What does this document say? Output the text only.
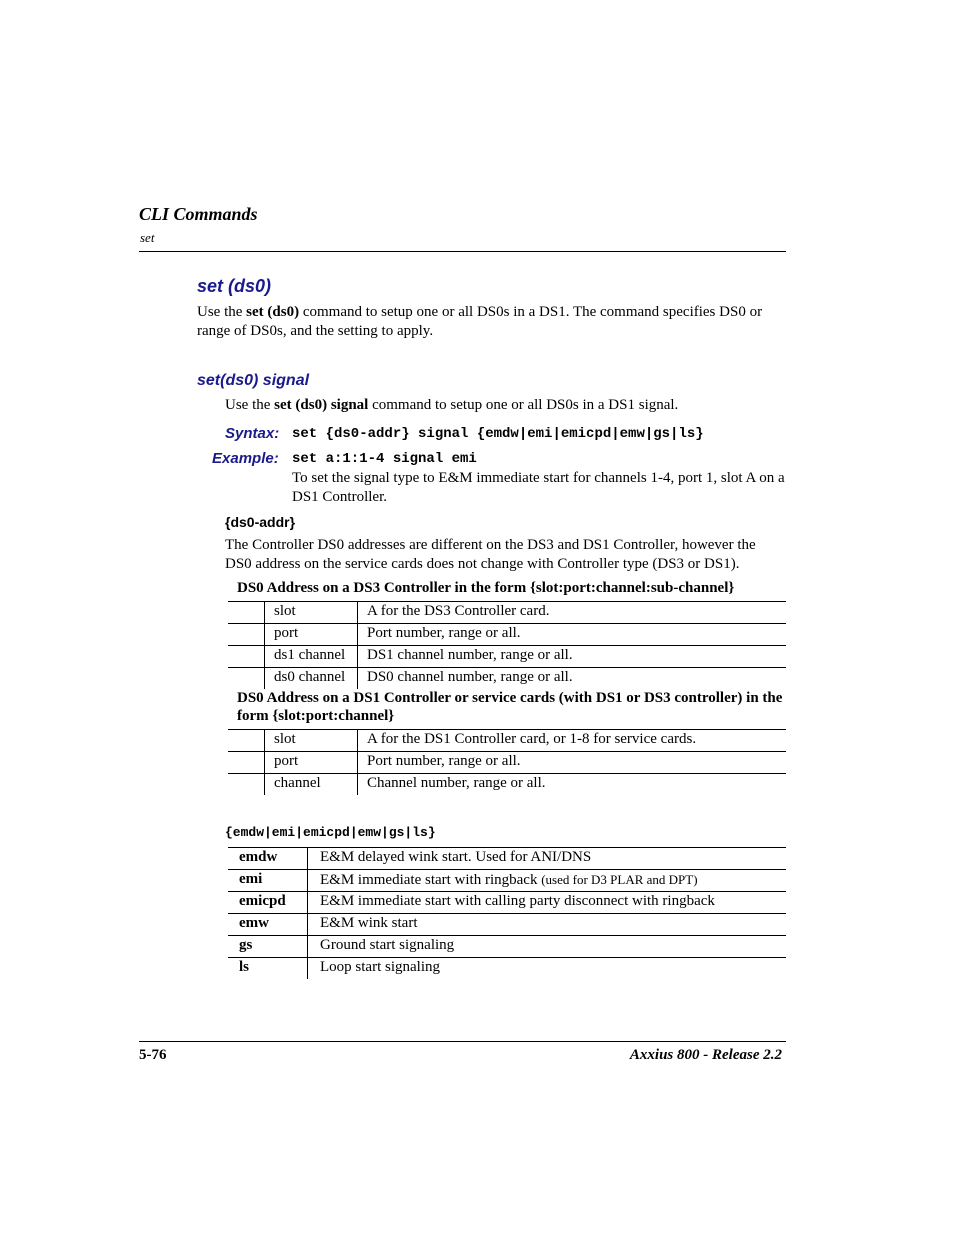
CLI Commands
set
set (ds0)
Use the set (ds0) command to setup one or all DS0s in a DS1. The command specifies DS0 or range of DS0s, and the setting to apply.
set(ds0) signal
Use the set (ds0) signal command to setup one or all DS0s in a DS1 signal.
Syntax: set {ds0-addr} signal {emdw|emi|emicpd|emw|gs|ls}
Example: set a:1:1-4 signal emi
To set the signal type to E&M immediate start for channels 1-4, port 1, slot A on a DS1 Controller.
{ds0-addr}
The Controller DS0 addresses are different on the DS3 and DS1 Controller, however the DS0 address on the service cards does not change with Controller type (DS3 or DS1).
DS0 Address on a DS3 Controller in the form {slot:port:channel:sub-channel}
	slot	A for the DS3 Controller card.
	port	Port number, range or all.
	ds1 channel	DS1 channel number, range or all.
	ds0 channel	DS0 channel number, range or all.
DS0 Address on a DS1 Controller or service cards (with DS1 or DS3 controller) in the form {slot:port:channel}
	slot	A for the DS1 Controller card, or 1-8 for service cards.
	port	Port number, range or all.
	channel	Channel number, range or all.
{emdw|emi|emicpd|emw|gs|ls}
emdw	E&M delayed wink start. Used for ANI/DNS
emi	E&M immediate start with ringback (used for D3 PLAR and DPT)
emicpd	E&M immediate start with calling party disconnect with ringback
emw	E&M wink start
gs	Ground start signaling
ls	Loop start signaling
5-76	Axxius 800 - Release 2.2
